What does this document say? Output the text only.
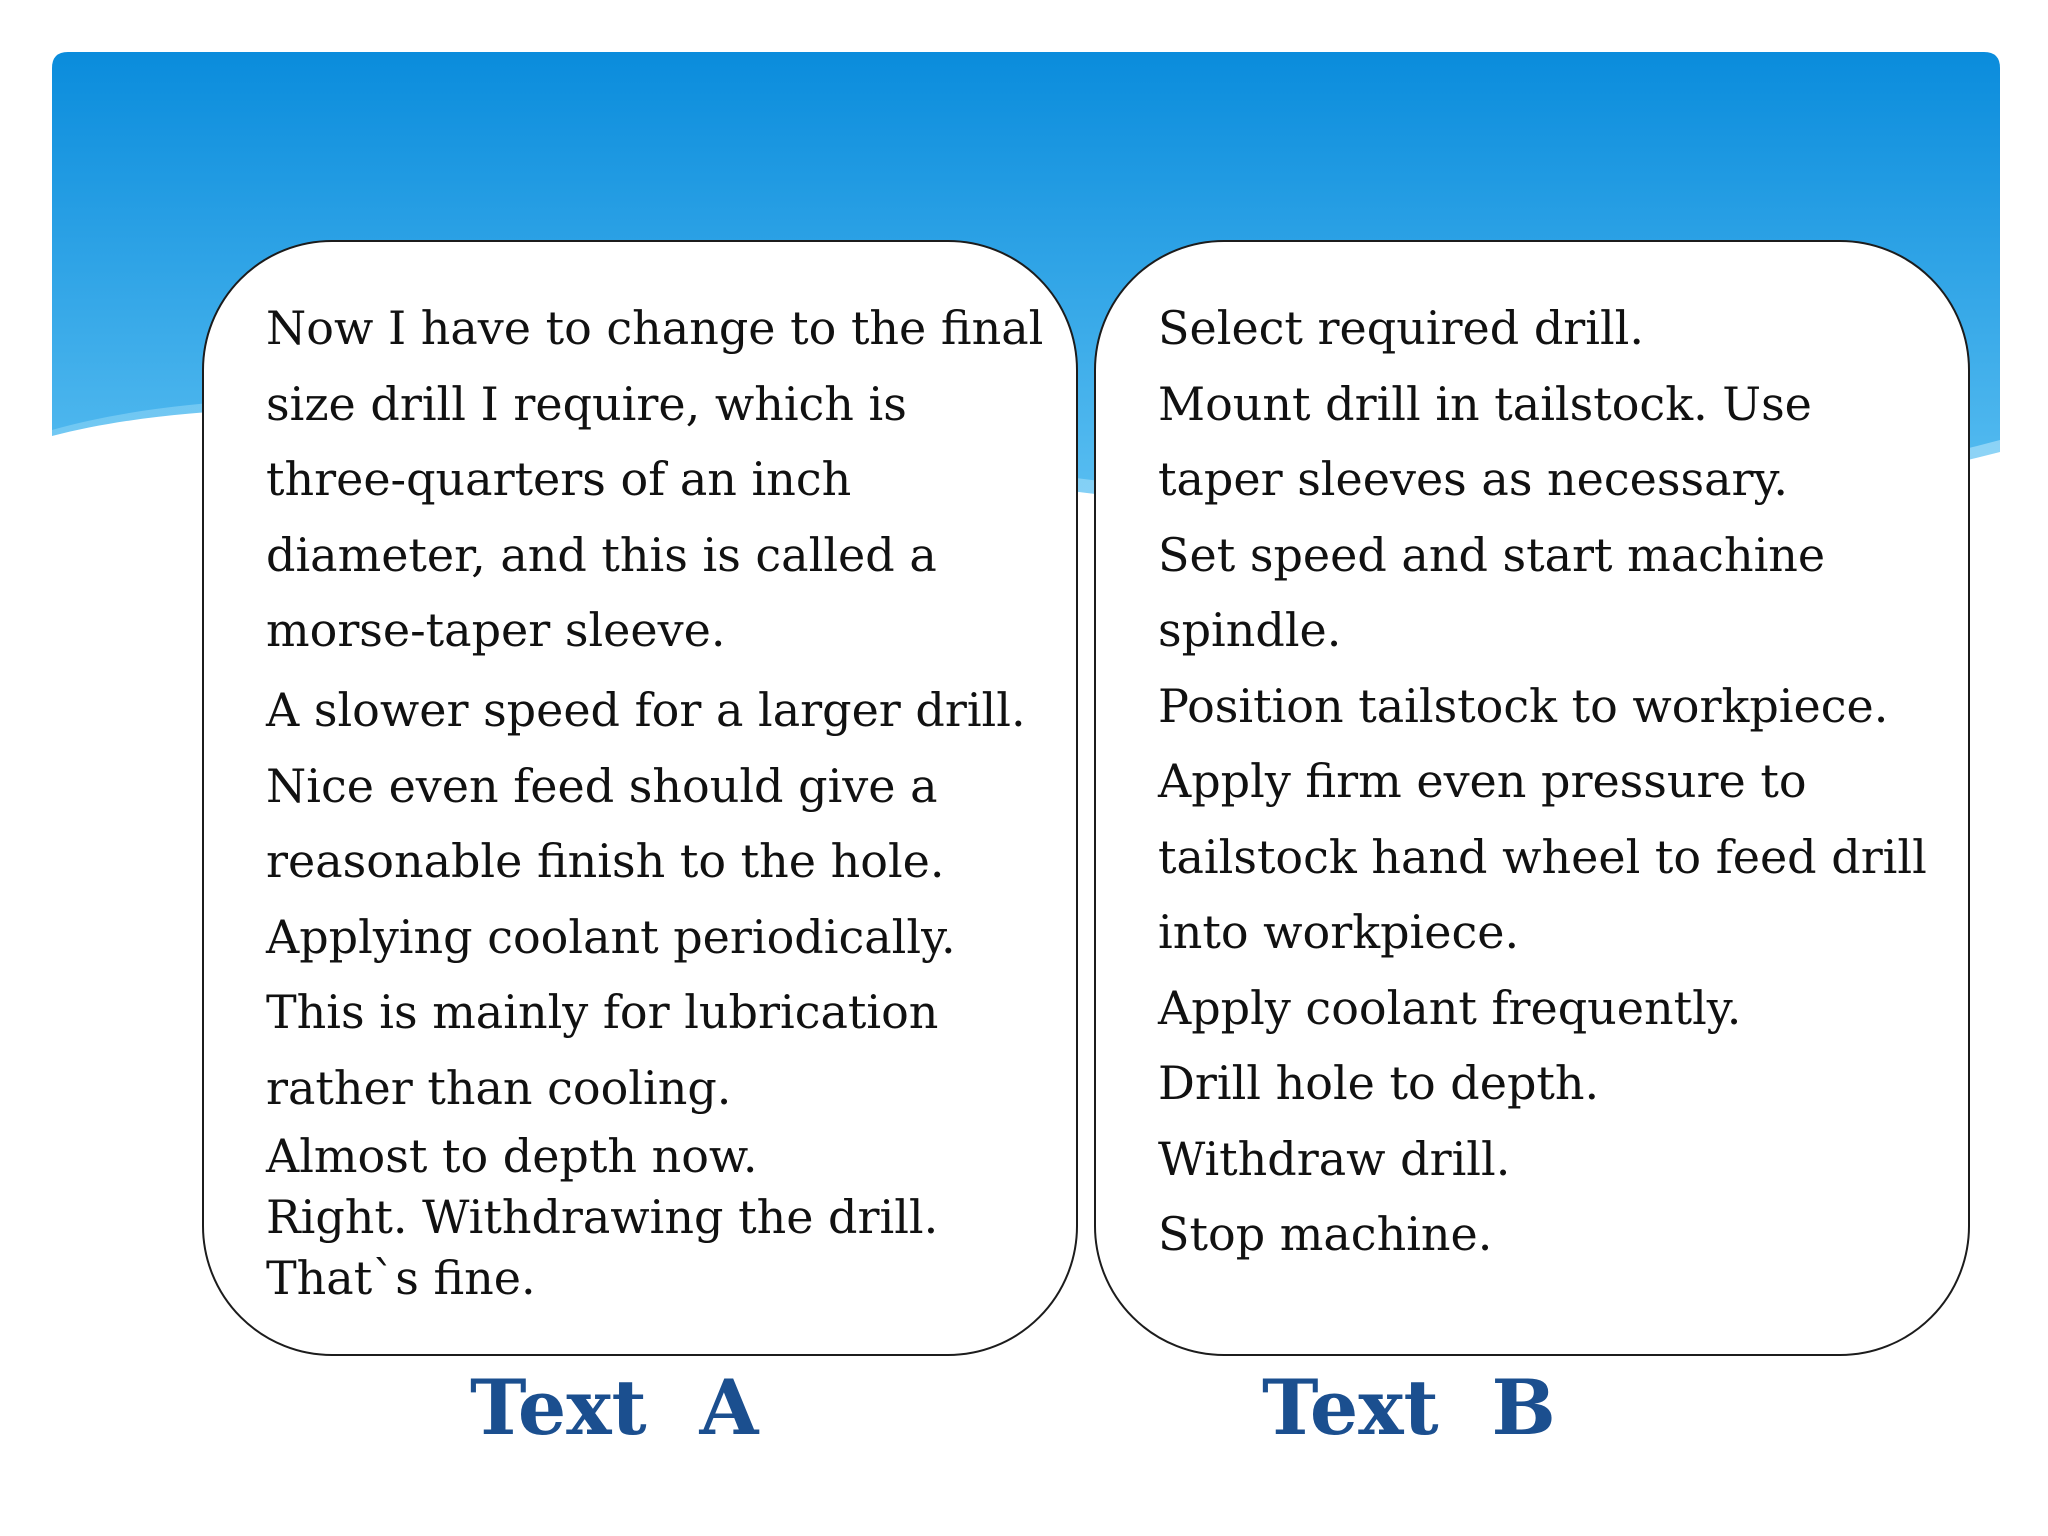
Now I have to change to the final
size drill I require, which is
three-quarters of an inch
diameter, and this is called a
morse-taper sleeve.
A slower speed for a larger drill.
Nice even feed should give a
reasonable finish to the hole.
Applying coolant periodically.
This is mainly for lubrication
rather than cooling.
Almost to depth now.
Right. Withdrawing the drill.
That`s fine.
Select required drill.
Mount drill in tailstock. Use
taper sleeves as necessary.
Set speed and start machine
spindle.
Position tailstock to workpiece.
Apply firm even pressure to
tailstock hand wheel to feed drill
into workpiece.
Apply coolant frequently.
Drill hole to depth.
Withdraw drill.
Stop machine.
Text  A	Text  B
